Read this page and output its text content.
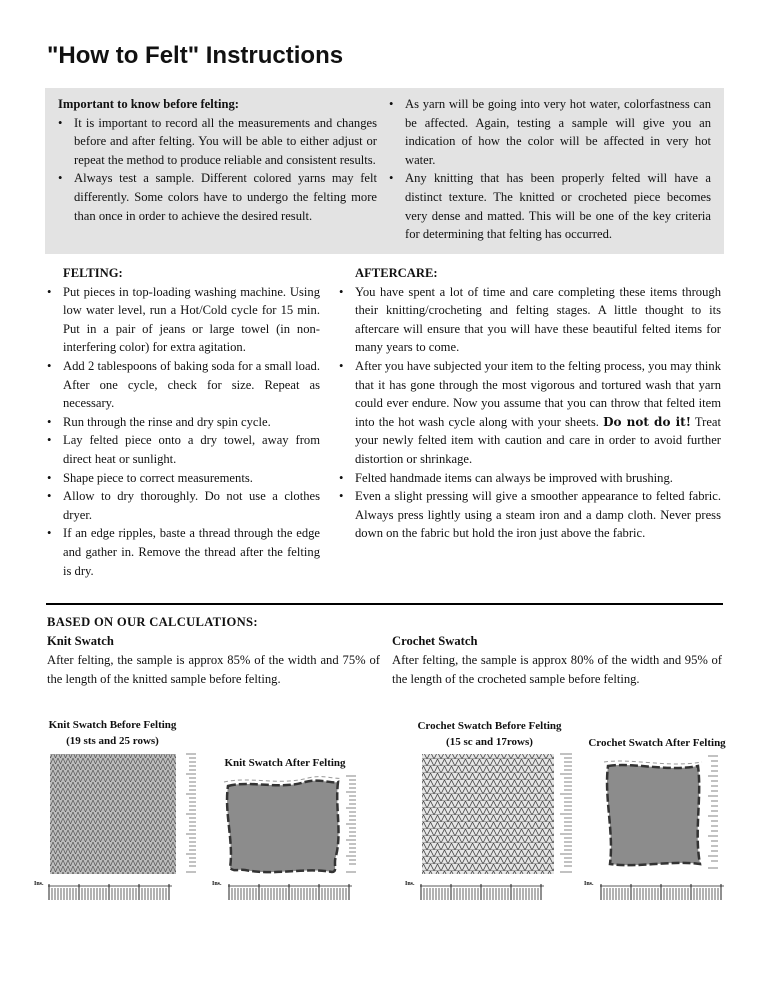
"How to Felt" Instructions
Important to know before felting:
• It is important to record all the measurements and changes before and after felting. You will be able to either adjust or repeat the method to produce reliable and consistent results.
• Always test a sample. Different colored yarns may felt differently. Some colors have to undergo the felting more than once in order to achieve the desired result.
• As yarn will be going into very hot water, colorfastness can be affected. Again, testing a sample will give you an indication of how the color will be affected in very hot water.
• Any knitting that has been properly felted will have a distinct texture. The knitted or crocheted piece becomes very dense and matted. This will be one of the key criteria for determining that felting has occurred.
FELTING:
• Put pieces in top-loading washing machine. Using low water level, run a Hot/Cold cycle for 15 min. Put in a pair of jeans or large towel (in non-interfering color) for extra agitation.
• Add 2 tablespoons of baking soda for a small load. After one cycle, check for size. Repeat as necessary.
• Run through the rinse and dry spin cycle.
• Lay felted piece onto a dry towel, away from direct heat or sunlight.
• Shape piece to correct measurements.
• Allow to dry thoroughly. Do not use a clothes dryer.
• If an edge ripples, baste a thread through the edge and gather in. Remove the thread after the felting is dry.
AFTERCARE:
• You have spent a lot of time and care completing these items through their knitting/crocheting and felting stages. A little thought to its aftercare will ensure that you will have these beautiful felted items for many years to come.
• After you have subjected your item to the felting process, you may think that it has gone through the most vigorous and tortured wash that yarn could ever endure. Now you assume that you can throw that felted item into the hot wash cycle along with your sheets. Do not do it! Treat your newly felted item with caution and care in order to avoid further distortion or shrinkage.
• Felted handmade items can always be improved with brushing.
• Even a slight pressing will give a smoother appearance to felted fabric. Always press lightly using a steam iron and a damp cloth. Never press down on the fabric but hold the iron just above the fabric.
BASED ON OUR CALCULATIONS:
Knit Swatch
After felting, the sample is approx 85% of the width and 75% of the length of the knitted sample before felting.
Crochet Swatch
After felting, the sample is approx 80% of the width and 95% of the length of the crocheted sample before felting.
Knit Swatch Before Felting
(19 sts and 25 rows)
Knit Swatch After Felting
Crochet Swatch Before Felting
(15 sc and 17rows)	Crochet Swatch After Felting
Ins.	Ins.	Ins.	Ins.
